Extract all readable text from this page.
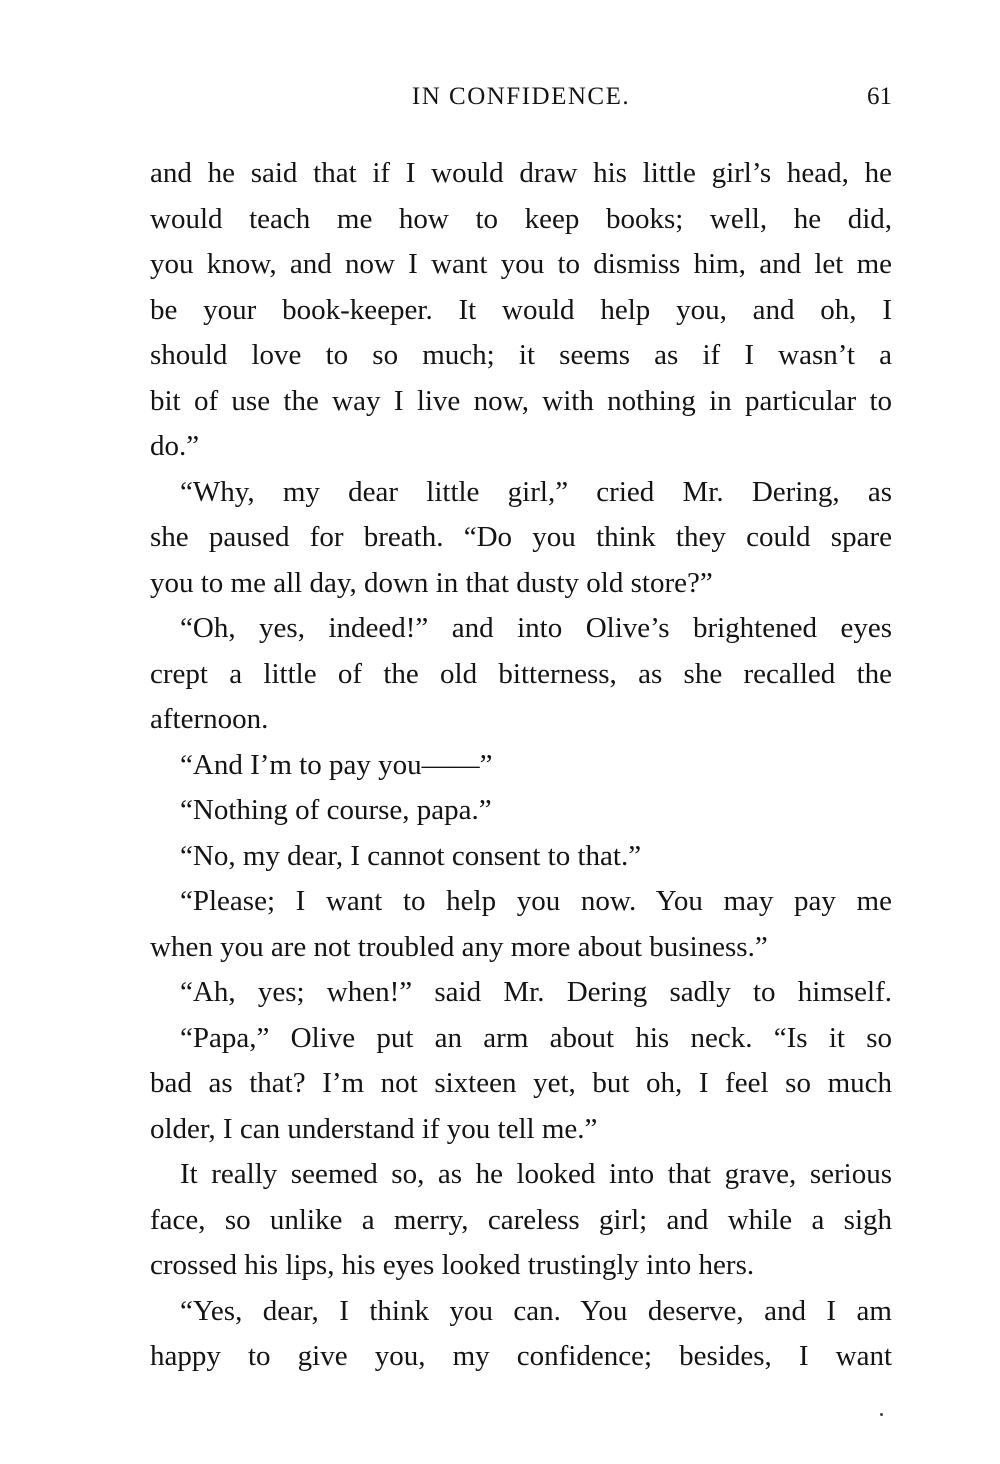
IN CONFIDENCE.	61
and he said that if I would draw his little girl’s head, he
would teach me how to keep books; well, he did,
you know, and now I want you to dismiss him, and let me
be your book-keeper. It would help you, and oh, I
should love to so much; it seems as if I wasn’t a
bit of use the way I live now, with nothing in particular to
do.”
“Why, my dear little girl,” cried Mr. Dering, as
she paused for breath. “Do you think they could spare
you to me all day, down in that dusty old store?”
“Oh, yes, indeed!” and into Olive’s brightened eyes
crept a little of the old bitterness, as she recalled the
afternoon.
“And I’m to pay you——”
“Nothing of course, papa.”
“No, my dear, I cannot consent to that.”
“Please; I want to help you now. You may pay me
when you are not troubled any more about business.”
“Ah, yes; when!” said Mr. Dering sadly to himself.
“Papa,” Olive put an arm about his neck. “Is it so
bad as that? I’m not sixteen yet, but oh, I feel so much
older, I can understand if you tell me.”
It really seemed so, as he looked into that grave, serious
face, so unlike a merry, careless girl; and while a sigh
crossed his lips, his eyes looked trustingly into hers.
“Yes, dear, I think you can. You deserve, and I am
happy to give you, my confidence; besides, I want
